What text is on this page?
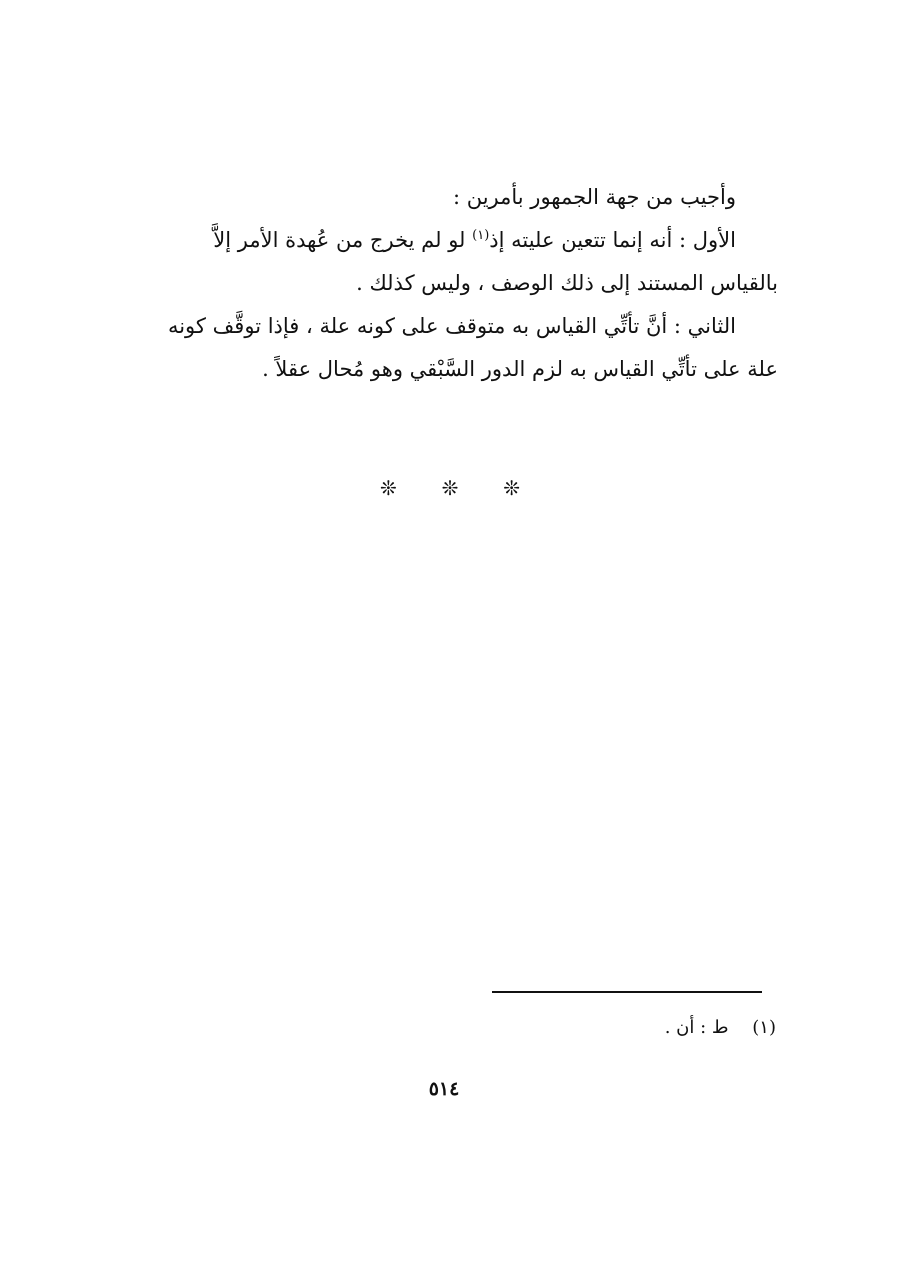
وأجيب من جهة الجمهور بأمرين :
الأول : أنه إنما تتعين عليته إذ$^{(١)}$ لو لم يخرج من عُهدة الأمر إلاَّ
بالقياس المستند إلى ذلك الوصف ، وليس كذلك .
الثاني : أنَّ تأتِّي القياس به متوقف على كونه علة ، فإذا توقَّف كونه
علة على تأتِّي القياس به لزم الدور السَّبْقي وهو مُحال عقلاً .
❊
❊
❊
(١) ط : أن .
٥١٤
